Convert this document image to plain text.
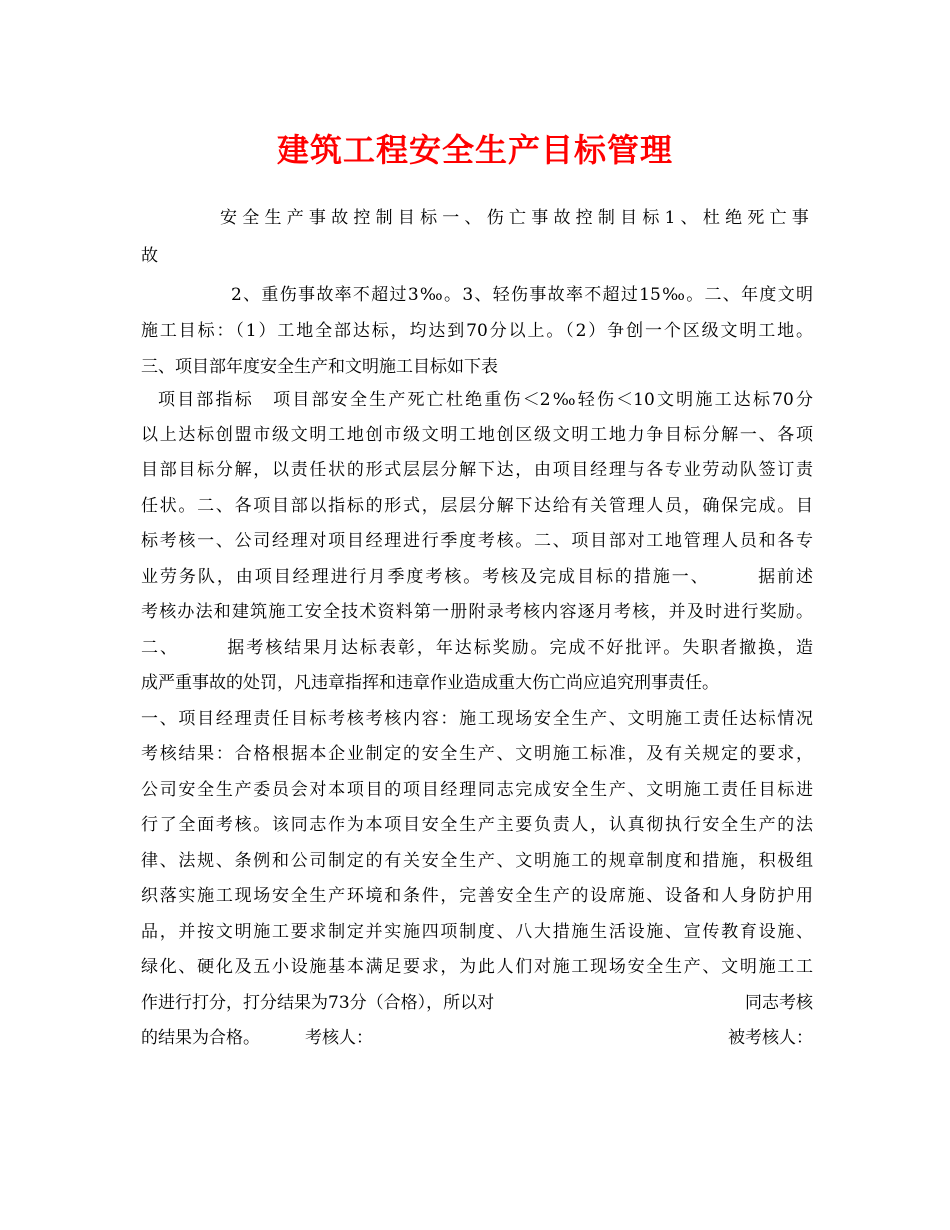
建筑工程安全生产目标管理
安全生产事故控制目标一、伤亡事故控制目标1、杜绝死亡事
故
2、重伤事故率不超过3‰。3、轻伤事故率不超过15‰。二、年度文明
施工目标：（1）工地全部达标，均达到70分以上。（2）争创一个区级文明工地。
三、项目部年度安全生产和文明施工目标如下表
项目部指标　项目部安全生产死亡杜绝重伤＜2‰轻伤＜10文明施工达标70分
以上达标创盟市级文明工地创市级文明工地创区级文明工地力争目标分解一、各项
目部目标分解，以责任状的形式层层分解下达，由项目经理与各专业劳动队签订责
任状。二、各项目部以指标的形式，层层分解下达给有关管理人员，确保完成。目
标考核一、公司经理对项目经理进行季度考核。二、项目部对工地管理人员和各专
业劳务队，由项目经理进行月季度考核。考核及完成目标的措施一、　　　据前述
考核办法和建筑施工安全技术资料第一册附录考核内容逐月考核，并及时进行奖励。
二、　　　据考核结果月达标表彰，年达标奖励。完成不好批评。失职者撤换，造
成严重事故的处罚，凡违章指挥和违章作业造成重大伤亡尚应追究刑事责任。
一、项目经理责任目标考核考核内容：施工现场安全生产、文明施工责任达标情况
考核结果：合格根据本企业制定的安全生产、文明施工标准，及有关规定的要求，
公司安全生产委员会对本项目的项目经理同志完成安全生产、文明施工责任目标进
行了全面考核。该同志作为本项目安全生产主要负责人，认真彻执行安全生产的法
律、法规、条例和公司制定的有关安全生产、文明施工的规章制度和措施，积极组
织落实施工现场安全生产环境和条件，完善安全生产的设席施、设备和人身防护用
品，并按文明施工要求制定并实施四项制度、八大措施生活设施、宣传教育设施、
绿化、硬化及五小设施基本满足要求，为此人们对施工现场安全生产、文明施工工
作进行打分，打分结果为73分（合格），所以对	同志考核
的结果为合格。	考核人：	被考核人：
